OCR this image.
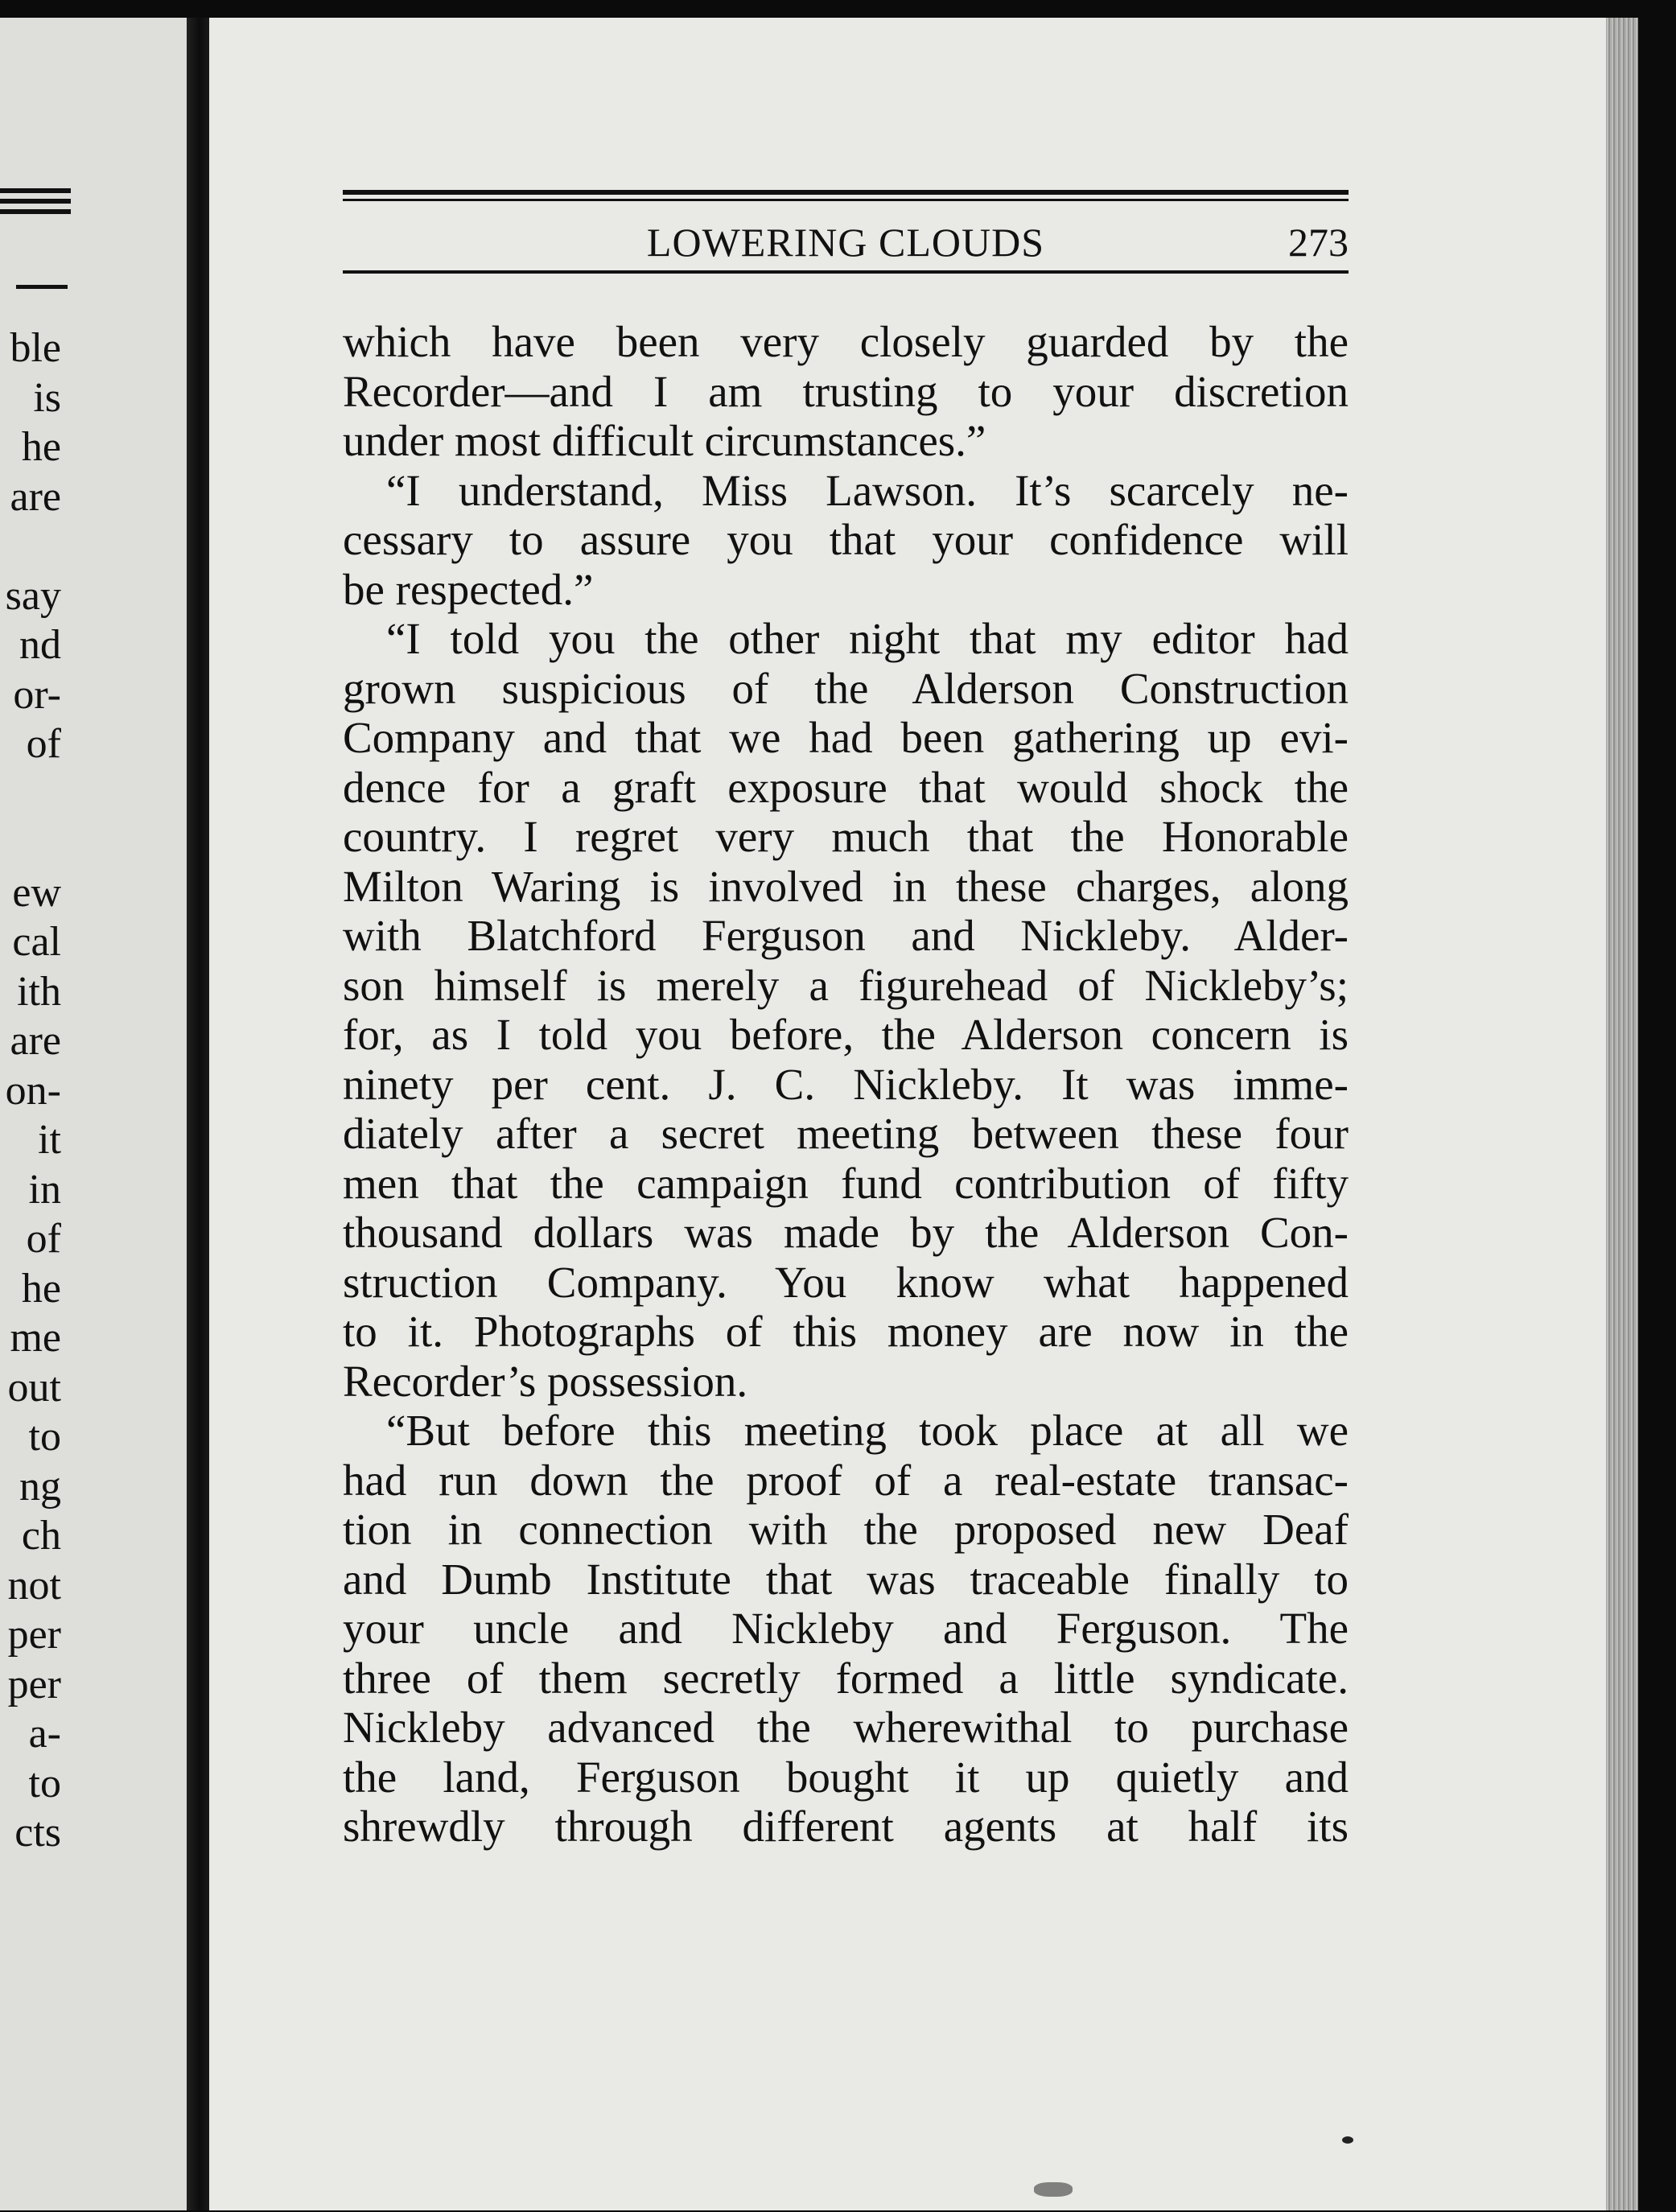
ble
is
he
are
say
nd
or-
of
ew
cal
ith
are
on-
it
in
of
he
me
out
to
ng
ch
not
per
per
a-
to
cts
LOWERING CLOUDS	273
which have been very closely guarded by the
Recorder—and I am trusting to your discretion
under most difficult circumstances.”
“I understand, Miss Lawson. It’s scarcely ne-
cessary to assure you that your confidence will
be respected.”
“I told you the other night that my editor had
grown suspicious of the Alderson Construction
Company and that we had been gathering up evi-
dence for a graft exposure that would shock the
country. I regret very much that the Honorable
Milton Waring is involved in these charges, along
with Blatchford Ferguson and Nickleby. Alder-
son himself is merely a figurehead of Nickleby’s;
for, as I told you before, the Alderson concern is
ninety per cent. J. C. Nickleby. It was imme-
diately after a secret meeting between these four
men that the campaign fund contribution of fifty
thousand dollars was made by the Alderson Con-
struction Company. You know what happened
to it. Photographs of this money are now in the
Recorder’s possession.
“But before this meeting took place at all we
had run down the proof of a real-estate transac-
tion in connection with the proposed new Deaf
and Dumb Institute that was traceable finally to
your uncle and Nickleby and Ferguson. The
three of them secretly formed a little syndicate.
Nickleby advanced the wherewithal to purchase
the land, Ferguson bought it up quietly and
shrewdly through different agents at half its
